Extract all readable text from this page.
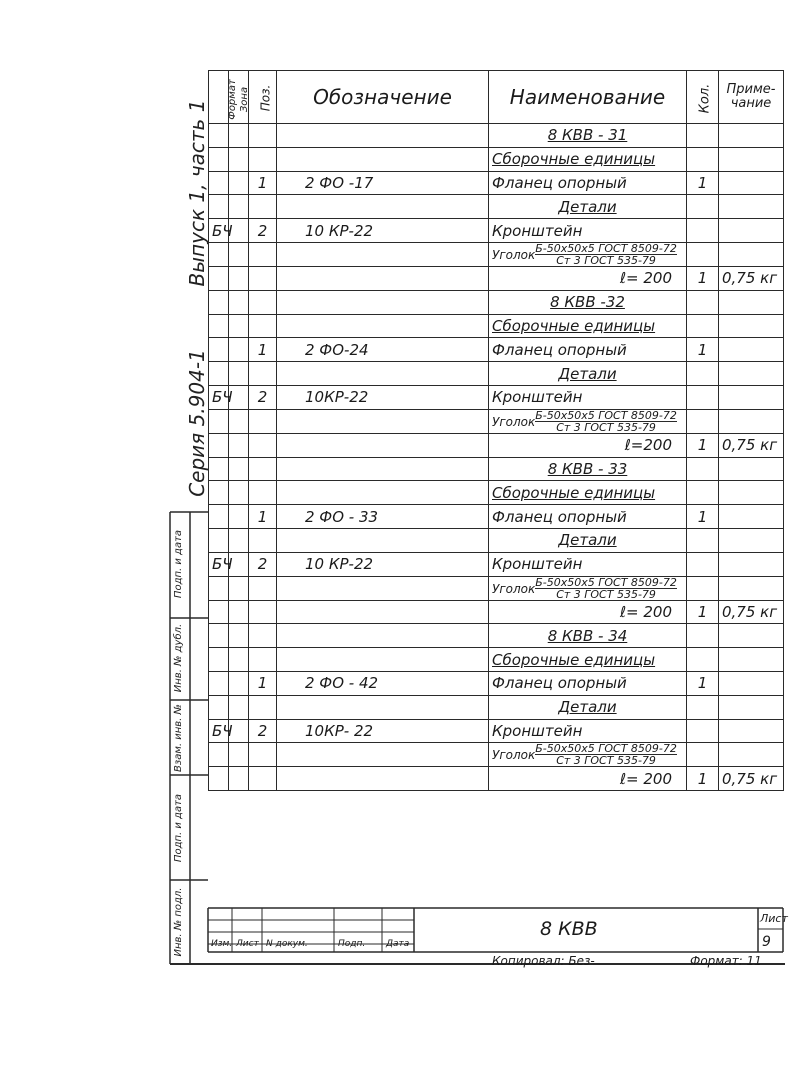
Выпуск 1, часть 1
Серия 5.904-1
Подп. и дата
Инв. № дубл.
Взам. инв. №
Подп. и дата
Инв. № подл.
Формат	Зона	Поз.	Обозначение	Наименование	Кол.	Приме-чание
				8 КВВ - 31		
				Сборочные единицы		
		1	2 ФО -17	Фланец опорный	1	
				Детали		
БЧ		2	10 КР-22	Кронштейн		
				Уголок Б-50х50х5 ГОСТ 8509-72
Ст 3 ГОСТ 535-79		

				ℓ= 200	1	0,75 кг
				8 КВВ -32		
				Сборочные единицы		
		1	2 ФО-24	Фланец опорный	1	
				Детали		
БЧ		2	10КР-22	Кронштейн		
				Уголок Б-50х50х5 ГОСТ 8509-72
Ст 3 ГОСТ 535-79		

				ℓ=200	1	0,75 кг
				8 КВВ - 33		
				Сборочные единицы		
		1	2 ФО - 33	Фланец опорный	1	
				Детали		
БЧ		2	10 КР-22	Кронштейн		
				Уголок Б-50х50х5 ГОСТ 8509-72
Ст 3 ГОСТ 535-79		

				ℓ= 200	1	0,75 кг
				8 КВВ - 34		
				Сборочные единицы		
		1	2 ФО - 42	Фланец опорный	1	
				Детали		
БЧ		2	10КР- 22	Кронштейн		
				Уголок Б-50х50х5 ГОСТ 8509-72
Ст 3 ГОСТ 535-79		

				ℓ= 200	1	0,75 кг
8 КВВ	Лист
9
Изм. Лист N докум.	Подп. Дата
Копировал: Без-	Формат: 11
